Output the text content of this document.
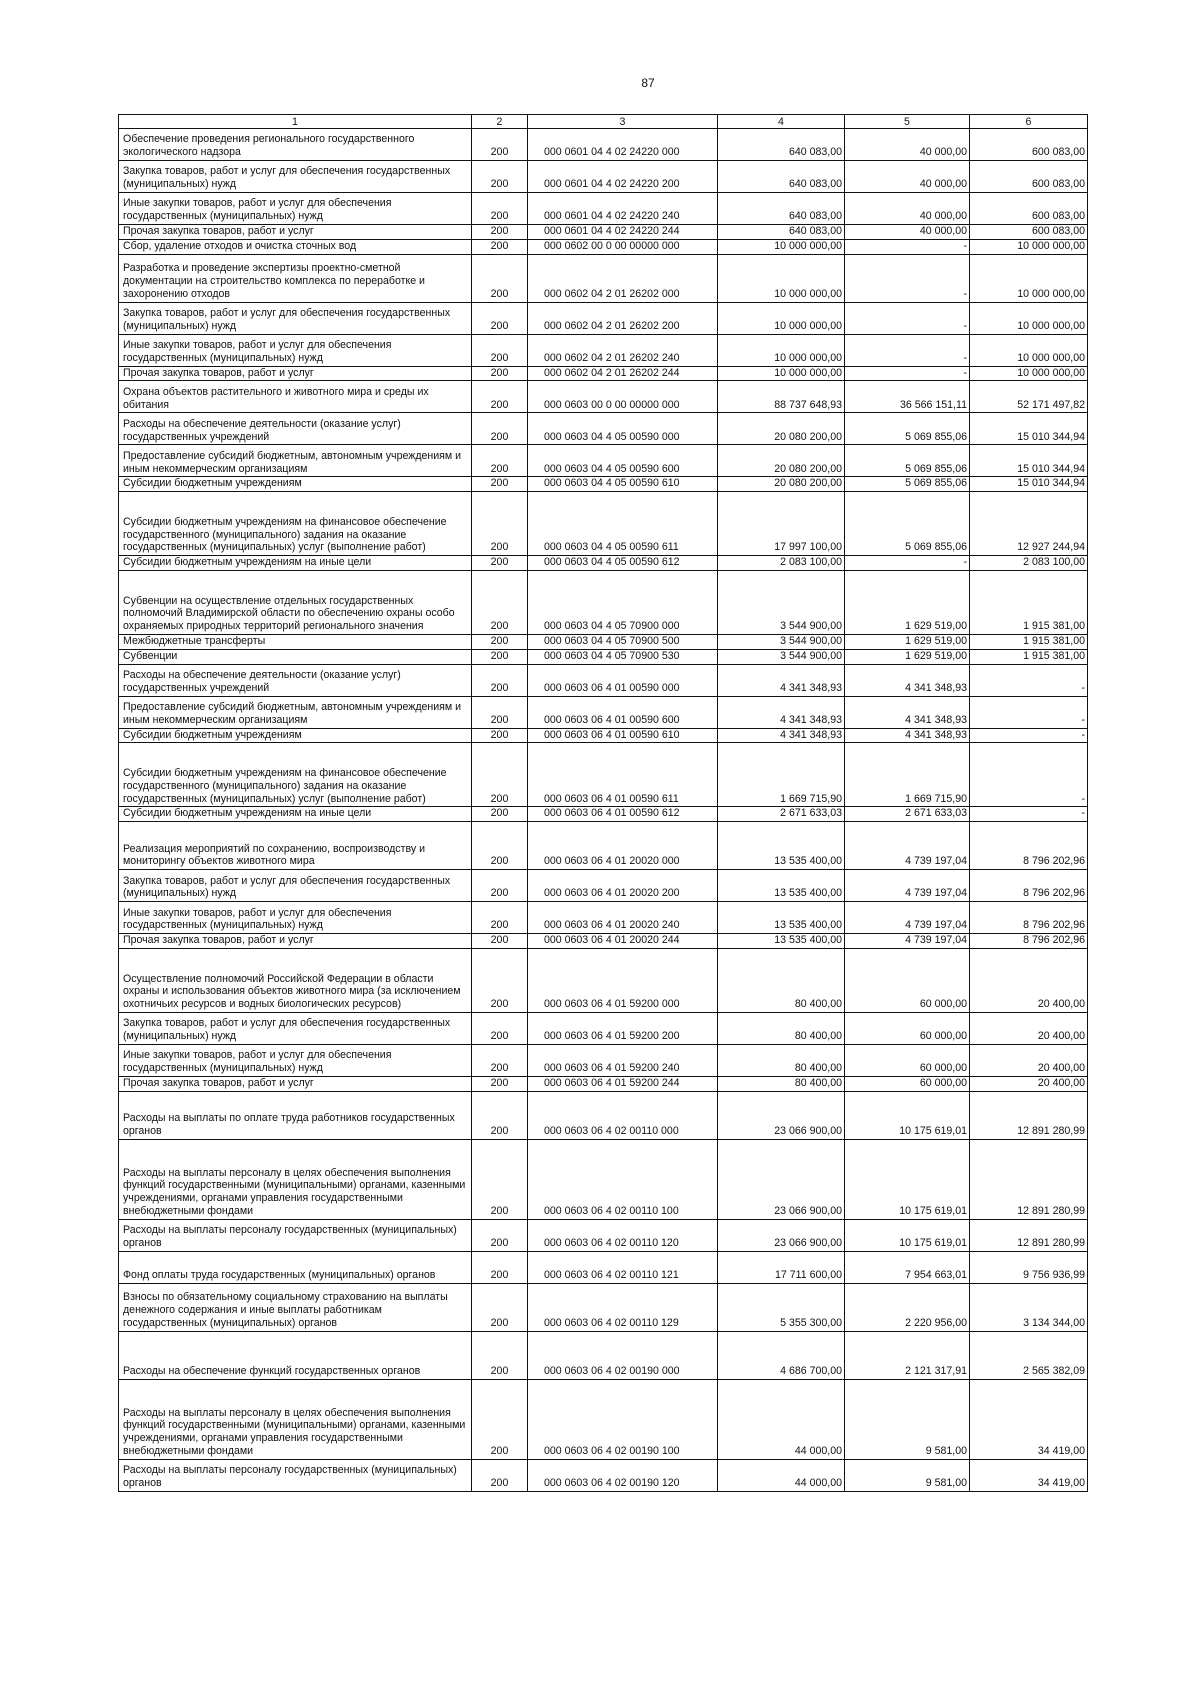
87
1	2	3	4	5	6
Обеспечение проведения регионального государственного экологического надзора	200	000 0601 04 4 02 24220 000	640 083,00	40 000,00	600 083,00
Закупка товаров, работ и услуг для обеспечения государственных (муниципальных) нужд	200	000 0601 04 4 02 24220 200	640 083,00	40 000,00	600 083,00
Иные закупки товаров, работ и услуг для обеспечения государственных (муниципальных) нужд	200	000 0601 04 4 02 24220 240	640 083,00	40 000,00	600 083,00
Прочая закупка товаров, работ и услуг	200	000 0601 04 4 02 24220 244	640 083,00	40 000,00	600 083,00
Сбор, удаление отходов и очистка сточных вод	200	000 0602 00 0 00 00000 000	10 000 000,00	-	10 000 000,00
Разработка и проведение экспертизы проектно-сметной документации на строительство комплекса по переработке и захоронению отходов	200	000 0602 04 2 01 26202 000	10 000 000,00	-	10 000 000,00
Закупка товаров, работ и услуг для обеспечения государственных (муниципальных) нужд	200	000 0602 04 2 01 26202 200	10 000 000,00	-	10 000 000,00
Иные закупки товаров, работ и услуг для обеспечения государственных (муниципальных) нужд	200	000 0602 04 2 01 26202 240	10 000 000,00	-	10 000 000,00
Прочая закупка товаров, работ и услуг	200	000 0602 04 2 01 26202 244	10 000 000,00	-	10 000 000,00
Охрана объектов растительного и животного мира и среды их обитания	200	000 0603 00 0 00 00000 000	88 737 648,93	36 566 151,11	52 171 497,82
Расходы на обеспечение деятельности (оказание услуг) государственных учреждений	200	000 0603 04 4 05 00590 000	20 080 200,00	5 069 855,06	15 010 344,94
Предоставление субсидий бюджетным, автономным учреждениям и иным некоммерческим организациям	200	000 0603 04 4 05 00590 600	20 080 200,00	5 069 855,06	15 010 344,94
Субсидии бюджетным учреждениям	200	000 0603 04 4 05 00590 610	20 080 200,00	5 069 855,06	15 010 344,94
Субсидии бюджетным учреждениям на финансовое обеспечение государственного (муниципального) задания на оказание государственных (муниципальных) услуг (выполнение работ)	200	000 0603 04 4 05 00590 611	17 997 100,00	5 069 855,06	12 927 244,94
Субсидии бюджетным учреждениям на иные цели	200	000 0603 04 4 05 00590 612	2 083 100,00	-	2 083 100,00
Субвенции на осуществление отдельных государственных полномочий Владимирской области по обеспечению охраны особо охраняемых природных территорий регионального значения	200	000 0603 04 4 05 70900 000	3 544 900,00	1 629 519,00	1 915 381,00
Межбюджетные трансферты	200	000 0603 04 4 05 70900 500	3 544 900,00	1 629 519,00	1 915 381,00
Субвенции	200	000 0603 04 4 05 70900 530	3 544 900,00	1 629 519,00	1 915 381,00
Расходы на обеспечение деятельности (оказание услуг) государственных учреждений	200	000 0603 06 4 01 00590 000	4 341 348,93	4 341 348,93	-
Предоставление субсидий бюджетным, автономным учреждениям и иным некоммерческим организациям	200	000 0603 06 4 01 00590 600	4 341 348,93	4 341 348,93	-
Субсидии бюджетным учреждениям	200	000 0603 06 4 01 00590 610	4 341 348,93	4 341 348,93	-
Субсидии бюджетным учреждениям на финансовое обеспечение государственного (муниципального) задания на оказание государственных (муниципальных) услуг (выполнение работ)	200	000 0603 06 4 01 00590 611	1 669 715,90	1 669 715,90	-
Субсидии бюджетным учреждениям на иные цели	200	000 0603 06 4 01 00590 612	2 671 633,03	2 671 633,03	-
Реализация мероприятий по сохранению, воспроизводству и мониторингу объектов животного мира	200	000 0603 06 4 01 20020 000	13 535 400,00	4 739 197,04	8 796 202,96
Закупка товаров, работ и услуг для обеспечения государственных (муниципальных) нужд	200	000 0603 06 4 01 20020 200	13 535 400,00	4 739 197,04	8 796 202,96
Иные закупки товаров, работ и услуг для обеспечения государственных (муниципальных) нужд	200	000 0603 06 4 01 20020 240	13 535 400,00	4 739 197,04	8 796 202,96
Прочая закупка товаров, работ и услуг	200	000 0603 06 4 01 20020 244	13 535 400,00	4 739 197,04	8 796 202,96
Осуществление полномочий Российской Федерации в области охраны и использования объектов животного мира (за исключением охотничьих ресурсов и водных биологических ресурсов)	200	000 0603 06 4 01 59200 000	80 400,00	60 000,00	20 400,00
Закупка товаров, работ и услуг для обеспечения государственных (муниципальных) нужд	200	000 0603 06 4 01 59200 200	80 400,00	60 000,00	20 400,00
Иные закупки товаров, работ и услуг для обеспечения государственных (муниципальных) нужд	200	000 0603 06 4 01 59200 240	80 400,00	60 000,00	20 400,00
Прочая закупка товаров, работ и услуг	200	000 0603 06 4 01 59200 244	80 400,00	60 000,00	20 400,00
Расходы на выплаты по оплате труда работников государственных органов	200	000 0603 06 4 02 00110 000	23 066 900,00	10 175 619,01	12 891 280,99
Расходы на выплаты персоналу в целях обеспечения выполнения функций государственными (муниципальными) органами, казенными учреждениями, органами управления государственными внебюджетными фондами	200	000 0603 06 4 02 00110 100	23 066 900,00	10 175 619,01	12 891 280,99
Расходы на выплаты персоналу государственных (муниципальных) органов	200	000 0603 06 4 02 00110 120	23 066 900,00	10 175 619,01	12 891 280,99
Фонд оплаты труда государственных (муниципальных) органов	200	000 0603 06 4 02 00110 121	17 711 600,00	7 954 663,01	9 756 936,99
Взносы по обязательному социальному страхованию на выплаты денежного содержания и иные выплаты работникам государственных (муниципальных) органов	200	000 0603 06 4 02 00110 129	5 355 300,00	2 220 956,00	3 134 344,00
Расходы на обеспечение функций государственных органов	200	000 0603 06 4 02 00190 000	4 686 700,00	2 121 317,91	2 565 382,09
Расходы на выплаты персоналу в целях обеспечения выполнения функций государственными (муниципальными) органами, казенными учреждениями, органами управления государственными внебюджетными фондами	200	000 0603 06 4 02 00190 100	44 000,00	9 581,00	34 419,00
Расходы на выплаты персоналу государственных (муниципальных) органов	200	000 0603 06 4 02 00190 120	44 000,00	9 581,00	34 419,00
